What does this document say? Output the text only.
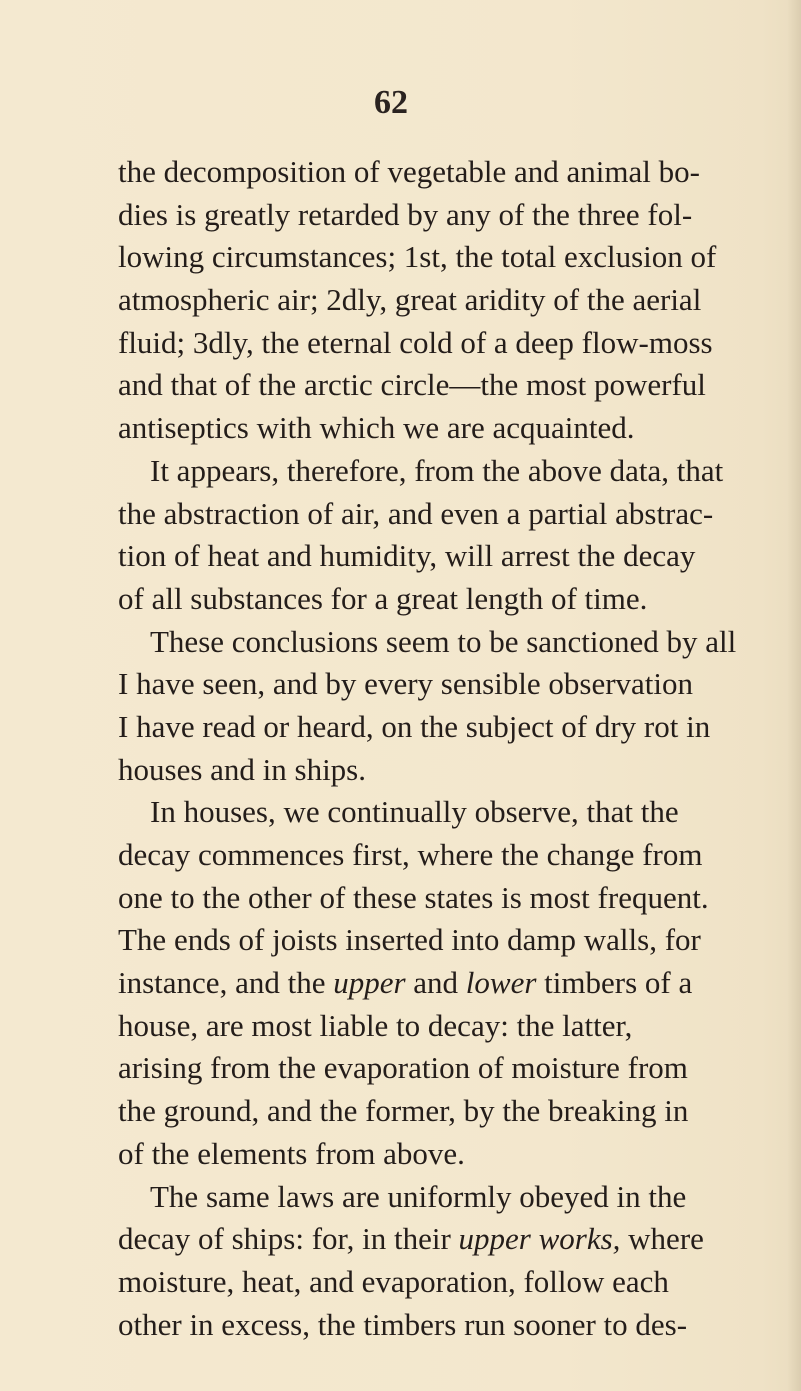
62
the decomposition of vegetable and animal bo-
dies is greatly retarded by any of the three fol-
lowing circumstances; 1st, the total exclusion of
atmospheric air; 2dly, great aridity of the aerial
fluid; 3dly, the eternal cold of a deep flow-moss
and that of the arctic circle—the most powerful
antiseptics with which we are acquainted.
It appears, therefore, from the above data, that
the abstraction of air, and even a partial abstrac-
tion of heat and humidity, will arrest the decay
of all substances for a great length of time.
These conclusions seem to be sanctioned by all
I have seen, and by every sensible observation
I have read or heard, on the subject of dry rot in
houses and in ships.
In houses, we continually observe, that the
decay commences first, where the change from
one to the other of these states is most frequent.
The ends of joists inserted into damp walls, for
instance, and the upper and lower timbers of a
house, are most liable to decay: the latter,
arising from the evaporation of moisture from
the ground, and the former, by the breaking in
of the elements from above.
The same laws are uniformly obeyed in the
decay of ships: for, in their upper works, where
moisture, heat, and evaporation, follow each
other in excess, the timbers run sooner to des-
